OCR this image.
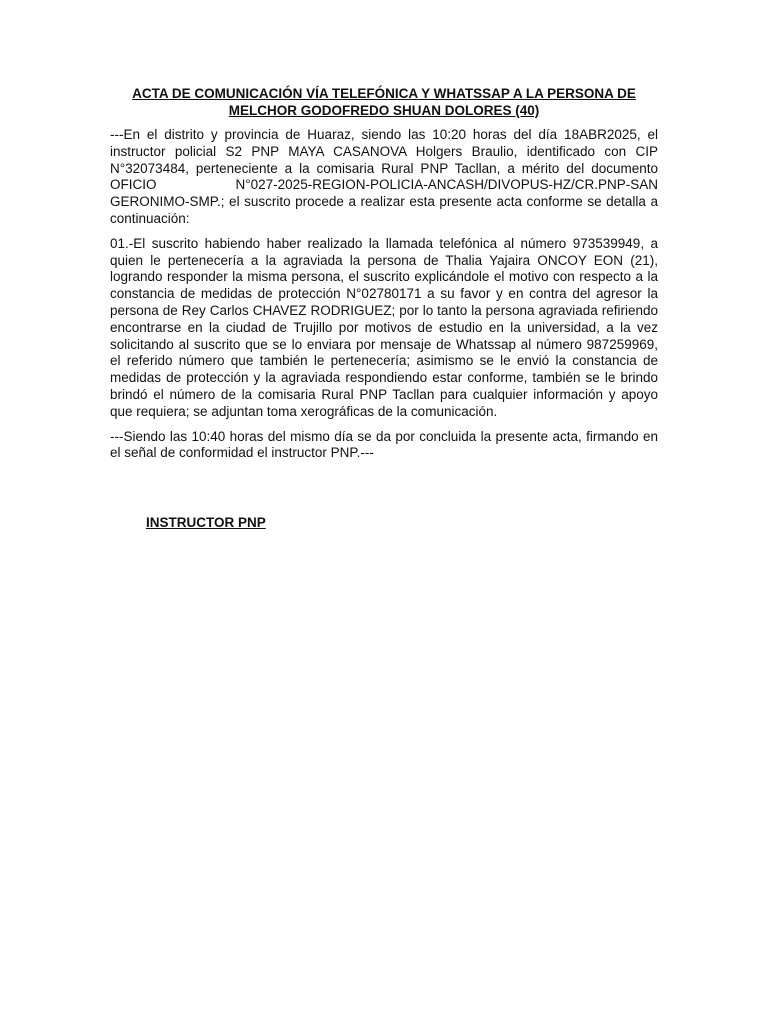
ACTA DE COMUNICACIÓN VÍA TELEFÓNICA Y WHATSSAP A LA PERSONA DE
MELCHOR GODOFREDO SHUAN DOLORES (40)

---En el distrito y provincia de Huaraz, siendo las 10:20 horas del día 18ABR2025, el instructor policial S2 PNP MAYA CASANOVA Holgers Braulio, identificado con CIP N°32073484, perteneciente a la comisaria Rural PNP Tacllan, a mérito del documento OFICIO N°027-2025-REGION-POLICIA-ANCASH/DIVOPUS-HZ/CR.PNP-SAN GERONIMO-SMP.; el suscrito procede a realizar esta presente acta conforme se detalla a continuación:

01.-El suscrito habiendo haber realizado la llamada telefónica al número 973539949, a quien le pertenecería a la agraviada la persona de Thalia Yajaira ONCOY EON (21), logrando responder la misma persona, el suscrito explicándole el motivo con respecto a la constancia de medidas de protección N°02780171 a su favor y en contra del agresor la persona de Rey Carlos CHAVEZ RODRIGUEZ; por lo tanto la persona agraviada refiriendo encontrarse en la ciudad de Trujillo por motivos de estudio en la universidad, a la vez solicitando al suscrito que se lo enviara por mensaje de Whatssap al número 987259969, el referido número que también le pertenecería; asimismo se le envió la constancia de medidas de protección y la agraviada respondiendo estar conforme, también se le brindo brindó el número de la comisaria Rural PNP Tacllan para cualquier información y apoyo que requiera; se adjuntan toma xerográficas de la comunicación.

---Siendo las 10:40 horas del mismo día se da por concluida la presente acta, firmando en el señal de conformidad el instructor PNP.---

INSTRUCTOR PNP
